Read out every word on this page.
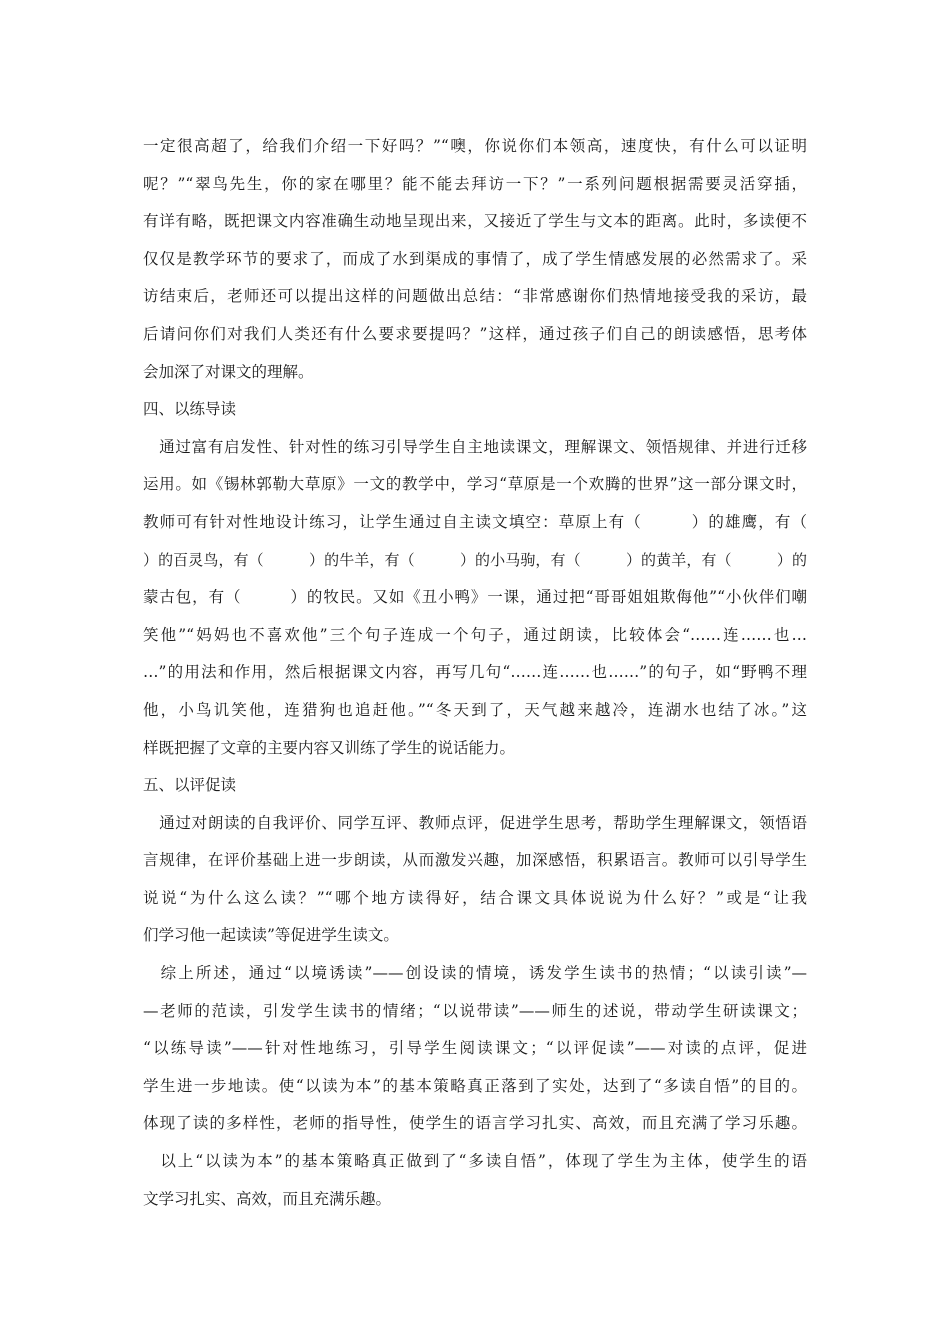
一定很高超了，给我们介绍一下好吗？”“噢，你说你们本领高，速度快，有什么可以证明
呢？”“翠鸟先生，你的家在哪里？能不能去拜访一下？”一系列问题根据需要灵活穿插，
有详有略，既把课文内容准确生动地呈现出来，又接近了学生与文本的距离。此时，多读便不
仅仅是教学环节的要求了，而成了水到渠成的事情了，成了学生情感发展的必然需求了。采
访结束后，老师还可以提出这样的问题做出总结：“非常感谢你们热情地接受我的采访，最
后请问你们对我们人类还有什么要求要提吗？”这样，通过孩子们自己的朗读感悟，思考体
会加深了对课文的理解。
四、以练导读
　通过富有启发性、针对性的练习引导学生自主地读课文，理解课文、领悟规律、并进行迁移
运用。如《锡林郭勒大草原》一文的教学中，学习“草原是一个欢腾的世界”这一部分课文时，
教师可有针对性地设计练习，让学生通过自主读文填空：草原上有（　　　）的雄鹰，有（
）的百灵鸟，有（　　　）的牛羊，有（　　　）的小马驹，有（　　　）的黄羊，有（　　　）的
蒙古包，有（　　　）的牧民。又如《丑小鸭》一课，通过把“哥哥姐姐欺侮他”“小伙伴们嘲
笑他”“妈妈也不喜欢他”三个句子连成一个句子，通过朗读，比较体会“……连……也…
…”的用法和作用，然后根据课文内容，再写几句“……连……也……”的句子，如“野鸭不理
他，小鸟讥笑他，连猎狗也追赶他。”“冬天到了，天气越来越冷，连湖水也结了冰。”这
样既把握了文章的主要内容又训练了学生的说话能力。
五、以评促读
　通过对朗读的自我评价、同学互评、教师点评，促进学生思考，帮助学生理解课文，领悟语
言规律，在评价基础上进一步朗读，从而激发兴趣，加深感悟，积累语言。教师可以引导学生
说说“为什么这么读？”“哪个地方读得好，结合课文具体说说为什么好？”或是“让我
们学习他一起读读”等促进学生读文。
　综上所述，通过“以境诱读”——创设读的情境，诱发学生读书的热情；“以读引读”—
—老师的范读，引发学生读书的情绪；“以说带读”——师生的述说，带动学生研读课文；
“以练导读”——针对性地练习，引导学生阅读课文；“以评促读”——对读的点评，促进
学生进一步地读。使“以读为本”的基本策略真正落到了实处，达到了“多读自悟”的目的。
体现了读的多样性，老师的指导性，使学生的语言学习扎实、高效，而且充满了学习乐趣。
　以上“以读为本”的基本策略真正做到了“多读自悟”，体现了学生为主体，使学生的语
文学习扎实、高效，而且充满乐趣。
